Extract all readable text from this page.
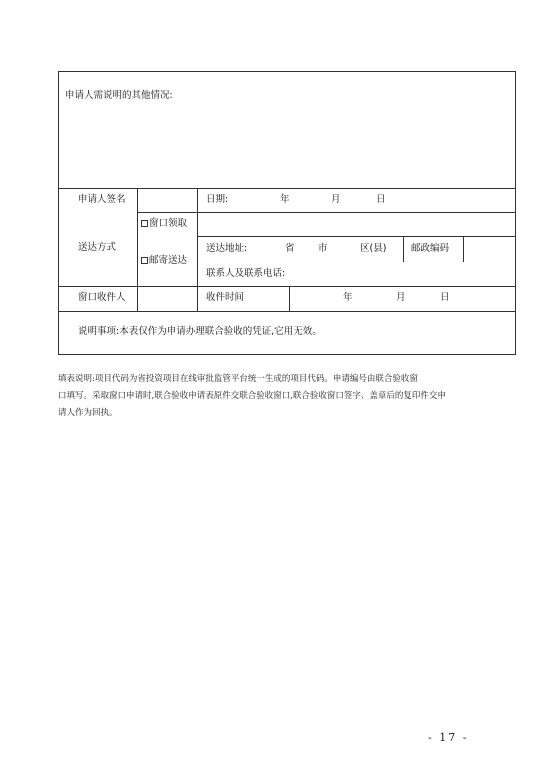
申请人需说明的其他情况:
申请人签名	日期:	年	月	日
送达方式
窗口领取
邮寄送达
送达地址:	省 市	区(县)	邮政编码
联系人及联系电话:
窗口收件人	收件时间	年	月	日
说明事项:本表仅作为申请办理联合验收的凭证,它用无效。
填表说明:项目代码为省投资项目在线审批监管平台统一生成的项目代码。申请编号由联合验收窗
口填写。采取窗口申请时,联合验收申请表原件交联合验收窗口,联合验收窗口签字、盖章后的复印件交申
请人作为回执。
- 17 -
